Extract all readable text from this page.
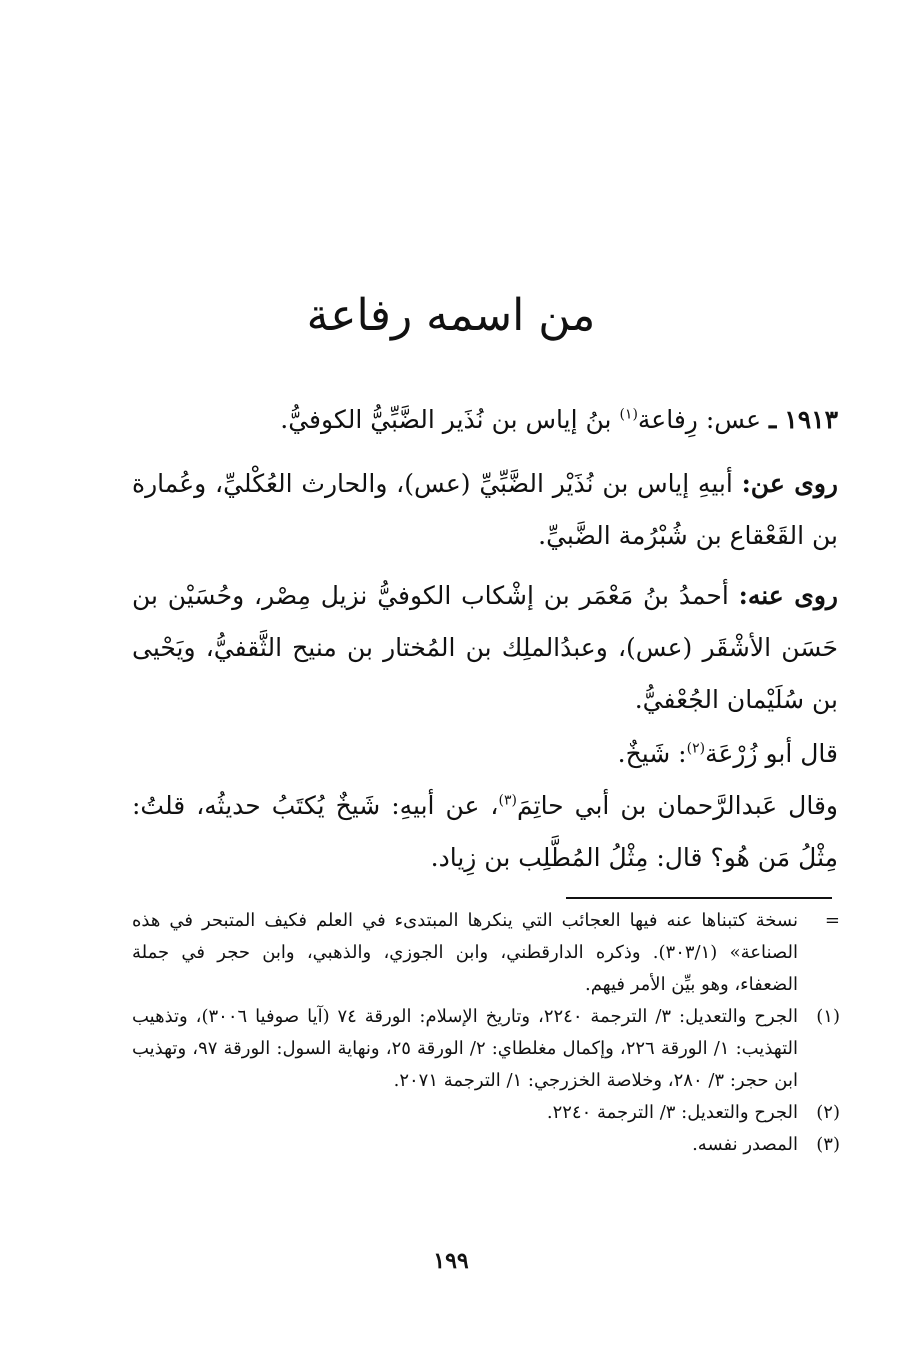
من اسمه رفاعة
١٩١٣ ـ عس: رِفاعة$^{(١)}$ بنُ إياس بن نُذَير الضَّبِّيُّ الكوفيُّ.
روى عن: أبيهِ إياس بن نُذَيْر الضَّبِّيِّ (عس)، والحارث العُكْليِّ، وعُمارة بن القَعْقاع بن شُبْرُمة الضَّبيِّ.
روى عنه: أحمدُ بنُ مَعْمَر بن إشْكاب الكوفيُّ نزيل مِصْر، وحُسَيْن بن حَسَن الأشْقَر (عس)، وعبدُالملِك بن المُختار بن منيح الثَّقفيُّ، ويَحْيى بن سُلَيْمان الجُعْفيُّ.
قال أبو زُرْعَة$^{(٢)}$: شَيخٌ.
وقال عَبدالرَّحمان بن أبي حاتِمَ$^{(٣)}$، عن أبيهِ: شَيخٌ يُكتَبُ حديثُه، قلتُ: مِثْلُ مَن هُو؟ قال: مِثْلُ المُطَّلِب بن زِياد.
=
نسخة كتبناها عنه فيها العجائب التي ينكرها المبتدىء في العلم فكيف المتبحر في هذه الصناعة» (٣٠٣/١). وذكره الدارقطني، وابن الجوزي، والذهبي، وابن حجر في جملة الضعفاء، وهو بيِّن الأمر فيهم.
(١)
الجرح والتعديل: ٣/ الترجمة ٢٢٤٠، وتاريخ الإسلام: الورقة ٧٤ (آيا صوفيا ٣٠٠٦)، وتذهيب التهذيب: ١/ الورقة ٢٢٦، وإكمال مغلطاي: ٢/ الورقة ٢٥، ونهاية السول: الورقة ٩٧، وتهذيب ابن حجر: ٣/ ٢٨٠، وخلاصة الخزرجي: ١/ الترجمة ٢٠٧١.
(٢)
الجرح والتعديل: ٣/ الترجمة ٢٢٤٠.
(٣)
المصدر نفسه.
١٩٩
